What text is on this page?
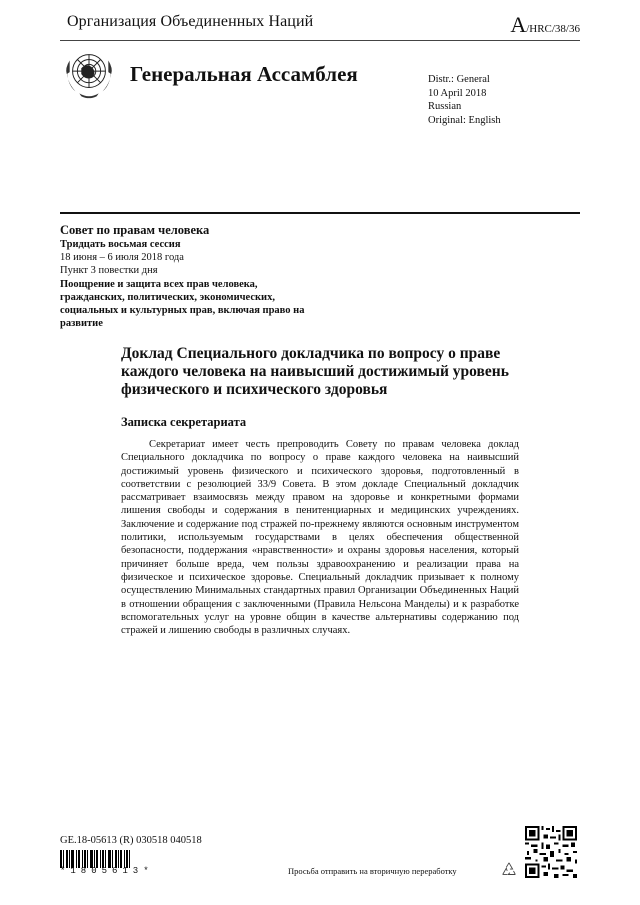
Организация Объединенных Наций	A/HRC/38/36
Генеральная Ассамблея	Distr.: General
10 April 2018
Russian
Original: English
Совет по правам человека
Тридцать восьмая сессия
18 июня – 6 июля 2018 года
Пункт 3 повестки дня
Поощрение и защита всех прав человека, гражданских, политических, экономических, социальных и культурных прав, включая право на развитие
Доклад Специального докладчика по вопросу о праве каждого человека на наивысший достижимый уровень физического и психического здоровья
Записка секретариата
Секретариат имеет честь препроводить Совету по правам человека доклад Специального докладчика по вопросу о праве каждого человека на наивысший достижимый уровень физического и психического здоровья, подготовленный в соответствии с резолюцией 33/9 Совета. В этом докладе Специальный докладчик рассматривает взаимосвязь между правом на здоровье и конкретными формами лишения свободы и содержания в пенитенциарных и медицинских учреждениях. Заключение и содержание под стражей по-прежнему являются основным инструментом политики, используемым государствами в целях обеспечения общественной безопасности, поддержания «нравственности» и охраны здоровья населения, который причиняет больше вреда, чем пользы здравоохранению и реализации права на физическое и психическое здоровье. Специальный докладчик призывает к полному осуществлению Минимальных стандартных правил Организации Объединенных Наций в отношении обращения с заключенными (Правила Нельсона Манделы) и к разработке вспомогательных услуг на уровне общин в качестве альтернативы содержанию под стражей и лишению свободы в различных случаях.
GE.18-05613 (R) 030518 040518
*1805613*	Просьба отправить на вторичную переработку
